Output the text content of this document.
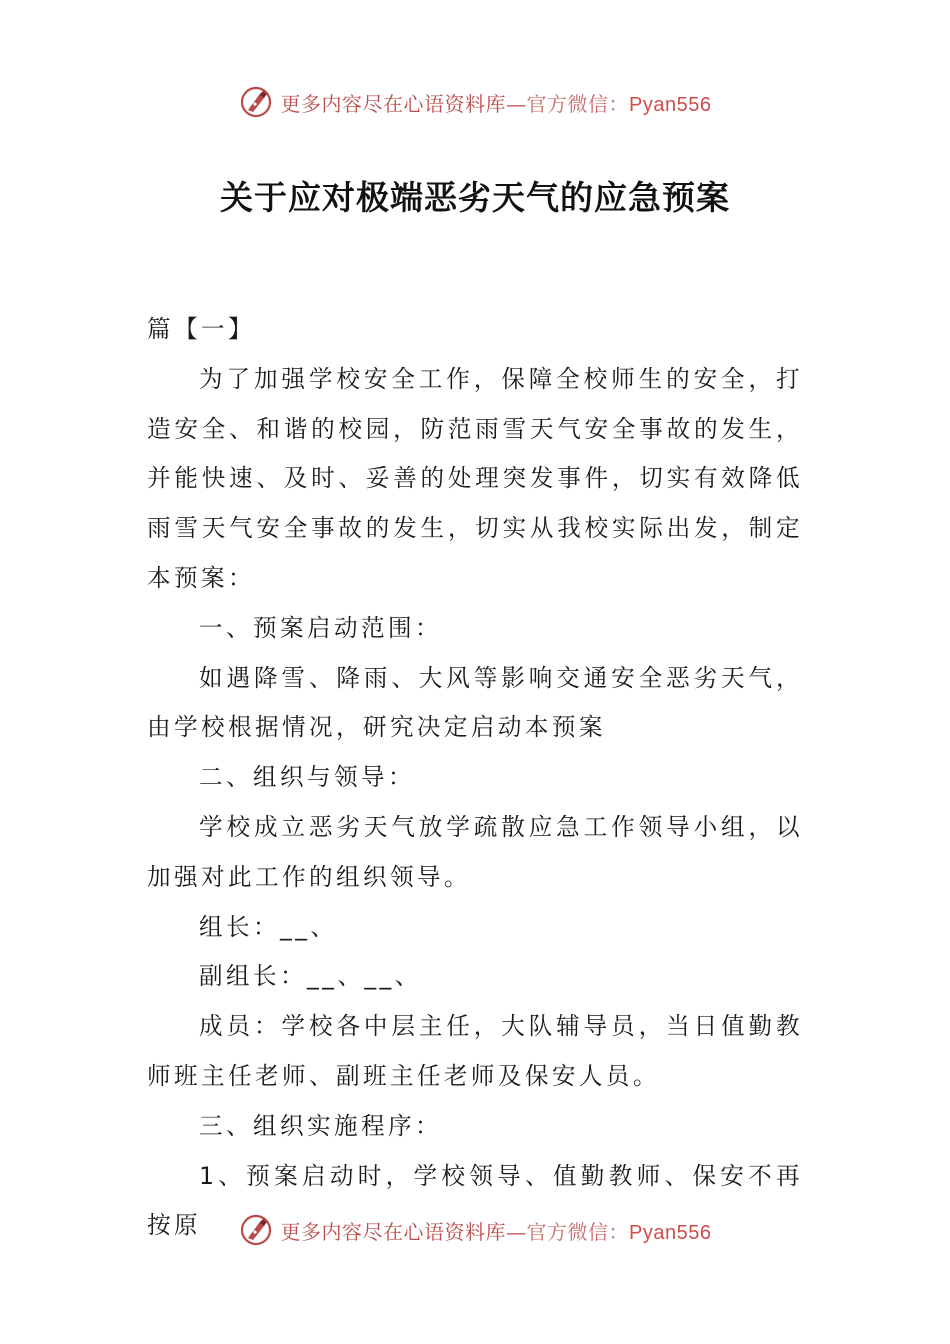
更多内容尽在心语资料库—官方微信：Pyan556
关于应对极端恶劣天气的应急预案

篇【一】

为了加强学校安全工作，保障全校师生的安全，打造安全、和谐的校园，防范雨雪天气安全事故的发生，并能快速、及时、妥善的处理突发事件，切实有效降低雨雪天气安全事故的发生，切实从我校实际出发，制定本预案：

一、预案启动范围：

如遇降雪、降雨、大风等影响交通安全恶劣天气，由学校根据情况，研究决定启动本预案

二、组织与领导：

学校成立恶劣天气放学疏散应急工作领导小组，以加强对此工作的组织领导。

组长：__、

副组长：__、__、

成员：学校各中层主任，大队辅导员，当日值勤教师班主任老师、副班主任老师及保安人员。

三、组织实施程序：

1、预案启动时，学校领导、值勤教师、保安不再按原	更多内容尽在心语资料库—官方微信：Pyan556
